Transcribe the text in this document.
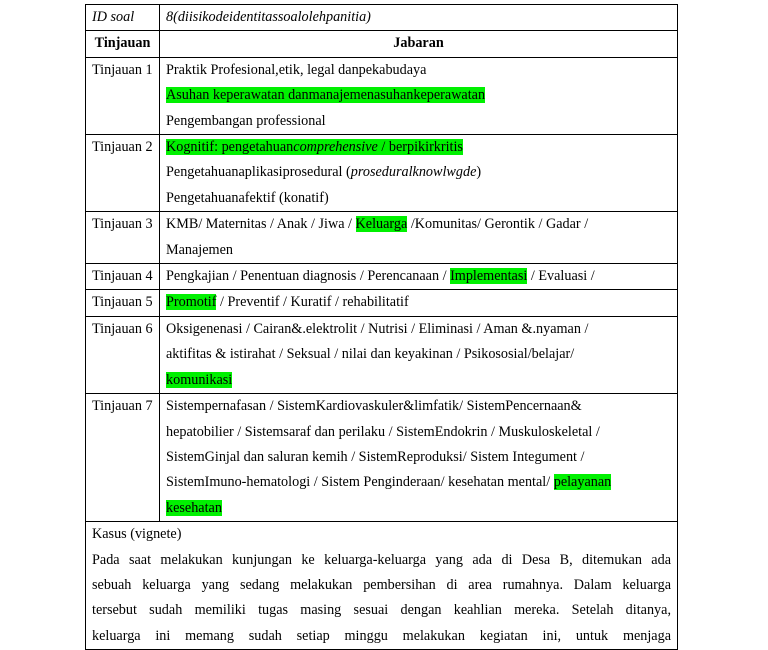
ID soal	8(diisikodeidentitassoalolehpanitia)
Tinjauan	Jabaran
Tinjauan 1	Praktik Profesional,etik, legal danpekabudaya
Asuhan keperawatan danmanajemenasuhankeperawatan
Pengembangan professional

Tinjauan 2	Kognitif: pengetahuancomprehensive / berpikirkritis
Pengetahuanaplikasiprosedural (proseduralknowlwgde)
Pengetahuanafektif (konatif)

Tinjauan 3	KMB/ Maternitas / Anak / Jiwa / Keluarga /Komunitas/ Gerontik / Gadar /
Manajemen

Tinjauan 4	Pengkajian / Penentuan diagnosis / Perencanaan / Implementasi / Evaluasi /

Tinjauan 5	Promotif / Preventif / Kuratif / rehabilitatif

Tinjauan 6	Oksigenenasi / Cairan&.elektrolit / Nutrisi / Eliminasi / Aman &.nyaman /
aktifitas & istirahat / Seksual / nilai dan keyakinan / Psikososial/belajar/
komunikasi

Tinjauan 7	Sistempernafasan / SistemKardiovaskuler&limfatik/ SistemPencernaan&
hepatobilier / Sistemsaraf dan perilaku / SistemEndokrin / Muskuloskeletal /
SistemGinjal dan saluran kemih / SistemReproduksi/ Sistem Integument /
SistemImuno-hematologi / Sistem Penginderaan/ kesehatan mental/ pelayanan
kesehatan

Kasus (vignete)
Pada saat melakukan kunjungan ke keluarga-keluarga yang ada di Desa B, ditemukan ada
sebuah keluarga yang sedang melakukan pembersihan di area rumahnya. Dalam keluarga
tersebut sudah memiliki tugas masing sesuai dengan keahlian mereka. Setelah ditanya,
keluarga ini memang sudah setiap minggu melakukan kegiatan ini, untuk menjaga	
